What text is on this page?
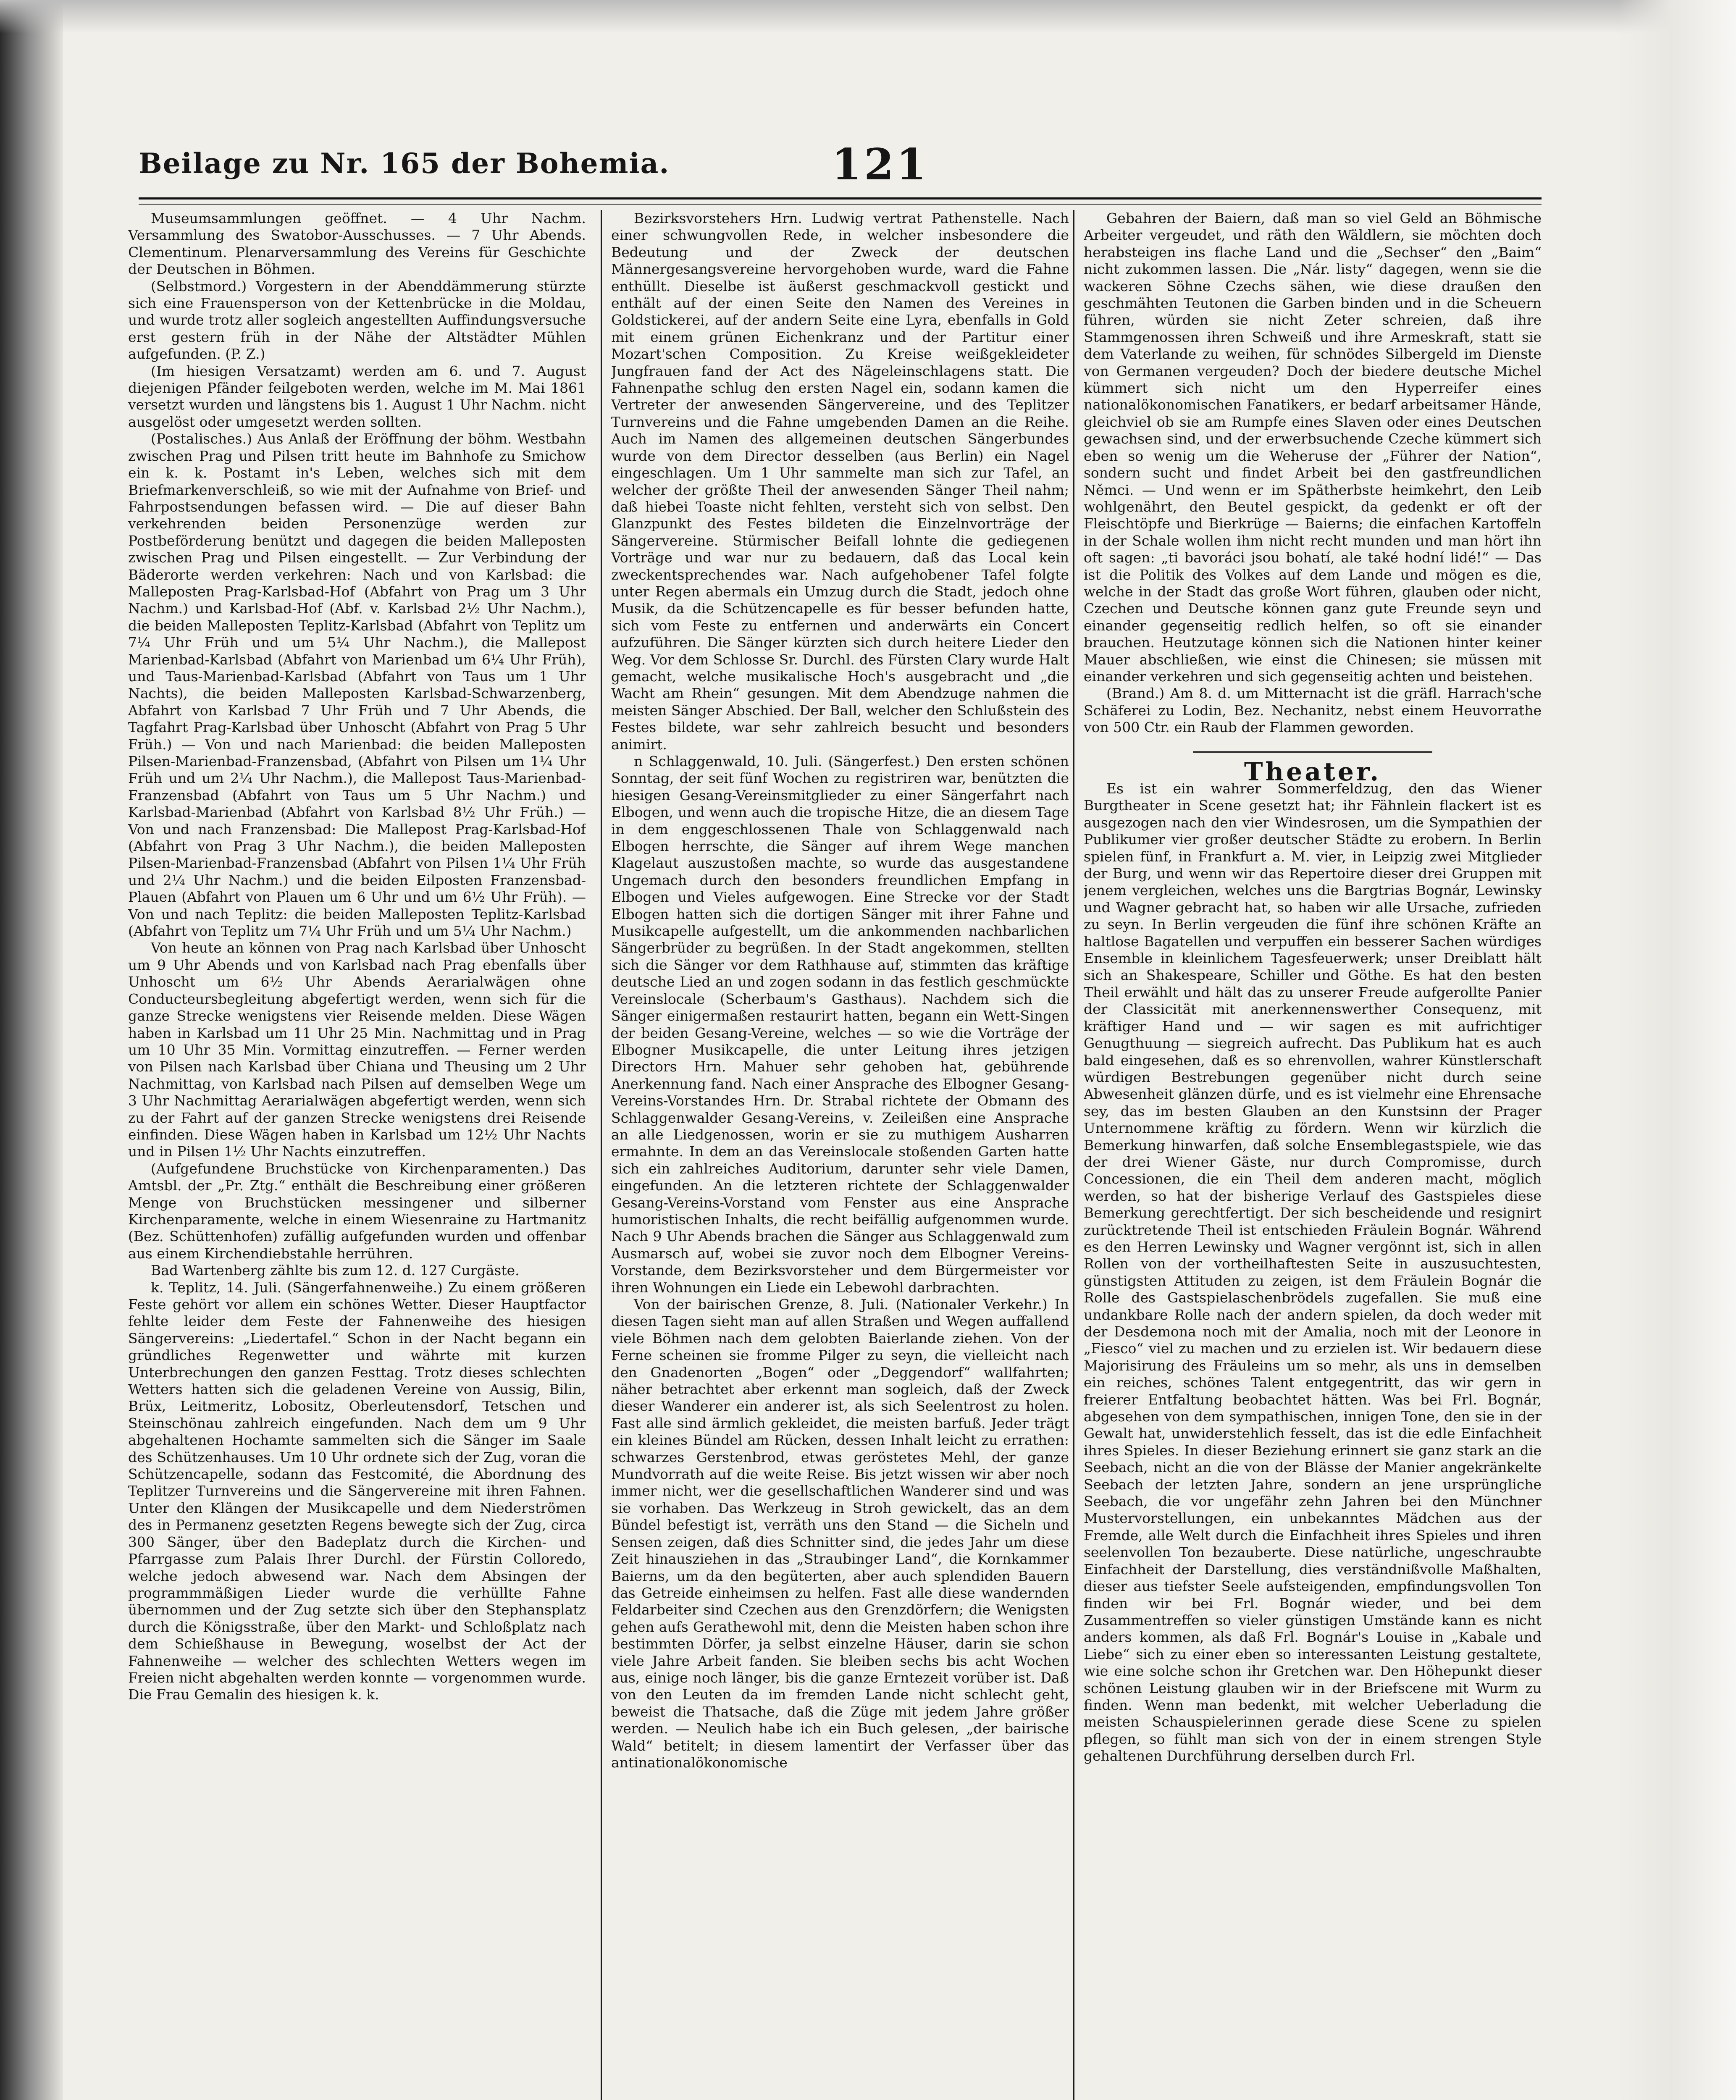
Beilage zu Nr. 165 der Bohemia.	121

Museumsammlungen geöffnet. — 4 Uhr Nachm. Versammlung des Swatobor-Ausschusses. — 7 Uhr Abends. Clementinum. Plenarversammlung des Vereins für Geschichte der Deutschen in Böhmen.

(Selbstmord.) Vorgestern in der Abenddämmerung stürzte sich eine Frauensperson von der Kettenbrücke in die Moldau, und wurde trotz aller sogleich angestellten Auffindungsversuche erst gestern früh in der Nähe der Altstädter Mühlen aufgefunden. (P. Z.)

(Im hiesigen Versatzamt) werden am 6. und 7. August diejenigen Pfänder feilgeboten werden, welche im M. Mai 1861 versetzt wurden und längstens bis 1. August 1 Uhr Nachm. nicht ausgelöst oder umgesetzt werden sollten.

(Postalisches.) Aus Anlaß der Eröffnung der böhm. Westbahn zwischen Prag und Pilsen tritt heute im Bahnhofe zu Smichow ein k. k. Postamt in's Leben, welches sich mit dem Briefmarkenverschleiß, so wie mit der Aufnahme von Brief- und Fahrpostsendungen befassen wird. — Die auf dieser Bahn verkehrenden beiden Personenzüge werden zur Postbeförderung benützt und dagegen die beiden Malleposten zwischen Prag und Pilsen eingestellt. — Zur Verbindung der Bäderorte werden verkehren: Nach und von Karlsbad: die Malleposten Prag-Karlsbad-Hof (Abfahrt von Prag um 3 Uhr Nachm.) und Karlsbad-Hof (Abf. v. Karlsbad 2½ Uhr Nachm.), die beiden Malleposten Teplitz-Karlsbad (Abfahrt von Teplitz um 7¼ Uhr Früh und um 5¼ Uhr Nachm.), die Mallepost Marienbad-Karlsbad (Abfahrt von Marienbad um 6¼ Uhr Früh), und Taus-Marienbad-Karlsbad (Abfahrt von Taus um 1 Uhr Nachts), die beiden Malleposten Karlsbad-Schwarzenberg, Abfahrt von Karlsbad 7 Uhr Früh und 7 Uhr Abends, die Tagfahrt Prag-Karlsbad über Unhoscht (Abfahrt von Prag 5 Uhr Früh.) — Von und nach Marienbad: die beiden Malleposten Pilsen-Marienbad-Franzensbad, (Abfahrt von Pilsen um 1¼ Uhr Früh und um 2¼ Uhr Nachm.), die Mallepost Taus-Marienbad-Franzensbad (Abfahrt von Taus um 5 Uhr Nachm.) und Karlsbad-Marienbad (Abfahrt von Karlsbad 8½ Uhr Früh.) — Von und nach Franzensbad: Die Mallepost Prag-Karlsbad-Hof (Abfahrt von Prag 3 Uhr Nachm.), die beiden Malleposten Pilsen-Marienbad-Franzensbad (Abfahrt von Pilsen 1¼ Uhr Früh und 2¼ Uhr Nachm.) und die beiden Eilposten Franzensbad-Plauen (Abfahrt von Plauen um 6 Uhr und um 6½ Uhr Früh). — Von und nach Teplitz: die beiden Malleposten Teplitz-Karlsbad (Abfahrt von Teplitz um 7¼ Uhr Früh und um 5¼ Uhr Nachm.)

Von heute an können von Prag nach Karlsbad über Unhoscht um 9 Uhr Abends und von Karlsbad nach Prag ebenfalls über Unhoscht um 6½ Uhr Abends Aerarialwägen ohne Conducteursbegleitung abgefertigt werden, wenn sich für die ganze Strecke wenigstens vier Reisende melden. Diese Wägen haben in Karlsbad um 11 Uhr 25 Min. Nachmittag und in Prag um 10 Uhr 35 Min. Vormittag einzutreffen. — Ferner werden von Pilsen nach Karlsbad über Chiana und Theusing um 2 Uhr Nachmittag, von Karlsbad nach Pilsen auf demselben Wege um 3 Uhr Nachmittag Aerarialwägen abgefertigt werden, wenn sich zu der Fahrt auf der ganzen Strecke wenigstens drei Reisende einfinden. Diese Wägen haben in Karlsbad um 12½ Uhr Nachts und in Pilsen 1½ Uhr Nachts einzutreffen.

(Aufgefundene Bruchstücke von Kirchenparamenten.) Das Amtsbl. der „Pr. Ztg.“ enthält die Beschreibung einer größeren Menge von Bruchstücken messingener und silberner Kirchenparamente, welche in einem Wiesenraine zu Hartmanitz (Bez. Schüttenhofen) zufällig aufgefunden wurden und offenbar aus einem Kirchendiebstahle herrühren.

Bad Wartenberg zählte bis zum 12. d. 127 Curgäste.

k. Teplitz, 14. Juli. (Sängerfahnenweihe.) Zu einem größeren Feste gehört vor allem ein schönes Wetter. Dieser Hauptfactor fehlte leider dem Feste der Fahnenweihe des hiesigen Sängervereins: „Liedertafel.“ Schon in der Nacht begann ein gründliches Regenwetter und währte mit kurzen Unterbrechungen den ganzen Festtag. Trotz dieses schlechten Wetters hatten sich die geladenen Vereine von Aussig, Bilin, Brüx, Leitmeritz, Lobositz, Oberleutensdorf, Tetschen und Steinschönau zahlreich eingefunden. Nach dem um 9 Uhr abgehaltenen Hochamte sammelten sich die Sänger im Saale des Schützenhauses. Um 10 Uhr ordnete sich der Zug, voran die Schützencapelle, sodann das Festcomité, die Abordnung des Teplitzer Turnvereins und die Sängervereine mit ihren Fahnen. Unter den Klängen der Musikcapelle und dem Niederströmen des in Permanenz gesetzten Regens bewegte sich der Zug, circa 300 Sänger, über den Badeplatz durch die Kirchen- und Pfarrgasse zum Palais Ihrer Durchl. der Fürstin Colloredo, welche jedoch abwesend war. Nach dem Absingen der programmmäßigen Lieder wurde die verhüllte Fahne übernommen und der Zug setzte sich über den Stephansplatz durch die Königsstraße, über den Markt- und Schloßplatz nach dem Schießhause in Bewegung, woselbst der Act der Fahnenweihe — welcher des schlechten Wetters wegen im Freien nicht abgehalten werden konnte — vorgenommen wurde. Die Frau Gemalin des hiesigen k. k.

Bezirksvorstehers Hrn. Ludwig vertrat Pathenstelle. Nach einer schwungvollen Rede, in welcher insbesondere die Bedeutung und der Zweck der deutschen Männergesangsvereine hervorgehoben wurde, ward die Fahne enthüllt. Dieselbe ist äußerst geschmackvoll gestickt und enthält auf der einen Seite den Namen des Vereines in Goldstickerei, auf der andern Seite eine Lyra, ebenfalls in Gold mit einem grünen Eichenkranz und der Partitur einer Mozart'schen Composition. Zu Kreise weißgekleideter Jungfrauen fand der Act des Nägeleinschlagens statt. Die Fahnenpathe schlug den ersten Nagel ein, sodann kamen die Vertreter der anwesenden Sängervereine, und des Teplitzer Turnvereins und die Fahne umgebenden Damen an die Reihe. Auch im Namen des allgemeinen deutschen Sängerbundes wurde von dem Director desselben (aus Berlin) ein Nagel eingeschlagen. Um 1 Uhr sammelte man sich zur Tafel, an welcher der größte Theil der anwesenden Sänger Theil nahm; daß hiebei Toaste nicht fehlten, versteht sich von selbst. Den Glanzpunkt des Festes bildeten die Einzelnvorträge der Sängervereine. Stürmischer Beifall lohnte die gediegenen Vorträge und war nur zu bedauern, daß das Local kein zweckentsprechendes war. Nach aufgehobener Tafel folgte unter Regen abermals ein Umzug durch die Stadt, jedoch ohne Musik, da die Schützencapelle es für besser befunden hatte, sich vom Feste zu entfernen und anderwärts ein Concert aufzuführen. Die Sänger kürzten sich durch heitere Lieder den Weg. Vor dem Schlosse Sr. Durchl. des Fürsten Clary wurde Halt gemacht, welche musikalische Hoch's ausgebracht und „die Wacht am Rhein“ gesungen. Mit dem Abendzuge nahmen die meisten Sänger Abschied. Der Ball, welcher den Schlußstein des Festes bildete, war sehr zahlreich besucht und besonders animirt.

n Schlaggenwald, 10. Juli. (Sängerfest.) Den ersten schönen Sonntag, der seit fünf Wochen zu registriren war, benützten die hiesigen Gesang-Vereinsmitglieder zu einer Sängerfahrt nach Elbogen, und wenn auch die tropische Hitze, die an diesem Tage in dem enggeschlossenen Thale von Schlaggenwald nach Elbogen herrschte, die Sänger auf ihrem Wege manchen Klagelaut auszustoßen machte, so wurde das ausgestandene Ungemach durch den besonders freundlichen Empfang in Elbogen und Vieles aufgewogen. Eine Strecke vor der Stadt Elbogen hatten sich die dortigen Sänger mit ihrer Fahne und Musikcapelle aufgestellt, um die ankommenden nachbarlichen Sängerbrüder zu begrüßen. In der Stadt angekommen, stellten sich die Sänger vor dem Rathhause auf, stimmten das kräftige deutsche Lied an und zogen sodann in das festlich geschmückte Vereinslocale (Scherbaum's Gasthaus). Nachdem sich die Sänger einigermaßen restaurirt hatten, begann ein Wett-Singen der beiden Gesang-Vereine, welches — so wie die Vorträge der Elbogner Musikcapelle, die unter Leitung ihres jetzigen Directors Hrn. Mahuer sehr gehoben hat, gebührende Anerkennung fand. Nach einer Ansprache des Elbogner Gesang-Vereins-Vorstandes Hrn. Dr. Strabal richtete der Obmann des Schlaggenwalder Gesang-Vereins, v. Zeileißen eine Ansprache an alle Liedgenossen, worin er sie zu muthigem Ausharren ermahnte. In dem an das Vereinslocale stoßenden Garten hatte sich ein zahlreiches Auditorium, darunter sehr viele Damen, eingefunden. An die letzteren richtete der Schlaggenwalder Gesang-Vereins-Vorstand vom Fenster aus eine Ansprache humoristischen Inhalts, die recht beifällig aufgenommen wurde. Nach 9 Uhr Abends brachen die Sänger aus Schlaggenwald zum Ausmarsch auf, wobei sie zuvor noch dem Elbogner Vereins-Vorstande, dem Bezirksvorsteher und dem Bürgermeister vor ihren Wohnungen ein Liede ein Lebewohl darbrachten.

Von der bairischen Grenze, 8. Juli. (Nationaler Verkehr.) In diesen Tagen sieht man auf allen Straßen und Wegen auffallend viele Böhmen nach dem gelobten Baierlande ziehen. Von der Ferne scheinen sie fromme Pilger zu seyn, die vielleicht nach den Gnadenorten „Bogen“ oder „Deggendorf“ wallfahrten; näher betrachtet aber erkennt man sogleich, daß der Zweck dieser Wanderer ein anderer ist, als sich Seelentrost zu holen. Fast alle sind ärmlich gekleidet, die meisten barfuß. Jeder trägt ein kleines Bündel am Rücken, dessen Inhalt leicht zu errathen: schwarzes Gerstenbrod, etwas geröstetes Mehl, der ganze Mundvorrath auf die weite Reise. Bis jetzt wissen wir aber noch immer nicht, wer die gesellschaftlichen Wanderer sind und was sie vorhaben. Das Werkzeug in Stroh gewickelt, das an dem Bündel befestigt ist, verräth uns den Stand — die Sicheln und Sensen zeigen, daß dies Schnitter sind, die jedes Jahr um diese Zeit hinausziehen in das „Straubinger Land“, die Kornkammer Baierns, um da den begüterten, aber auch splendiden Bauern das Getreide einheimsen zu helfen. Fast alle diese wandernden Feldarbeiter sind Czechen aus den Grenzdörfern; die Wenigsten gehen aufs Gerathewohl mit, denn die Meisten haben schon ihre bestimmten Dörfer, ja selbst einzelne Häuser, darin sie schon viele Jahre Arbeit fanden. Sie bleiben sechs bis acht Wochen aus, einige noch länger, bis die ganze Erntezeit vorüber ist. Daß von den Leuten da im fremden Lande nicht schlecht geht, beweist die Thatsache, daß die Züge mit jedem Jahre größer werden. — Neulich habe ich ein Buch gelesen, „der bairische Wald“ betitelt; in diesem lamentirt der Verfasser über das antinationalökonomische

Gebahren der Baiern, daß man so viel Geld an Böhmische Arbeiter vergeudet, und räth den Wäldlern, sie möchten doch herabsteigen ins flache Land und die „Sechser“ den „Baim“ nicht zukommen lassen. Die „Nár. listy“ dagegen, wenn sie die wackeren Söhne Czechs sähen, wie diese draußen den geschmähten Teutonen die Garben binden und in die Scheuern führen, würden sie nicht Zeter schreien, daß ihre Stammgenossen ihren Schweiß und ihre Armeskraft, statt sie dem Vaterlande zu weihen, für schnödes Silbergeld im Dienste von Germanen vergeuden? Doch der biedere deutsche Michel kümmert sich nicht um den Hyperreifer eines nationalökonomischen Fanatikers, er bedarf arbeitsamer Hände, gleichviel ob sie am Rumpfe eines Slaven oder eines Deutschen gewachsen sind, und der erwerbsuchende Czeche kümmert sich eben so wenig um die Weheruse der „Führer der Nation“, sondern sucht und findet Arbeit bei den gastfreundlichen Němci. — Und wenn er im Spätherbste heimkehrt, den Leib wohlgenährt, den Beutel gespickt, da gedenkt er oft der Fleischtöpfe und Bierkrüge — Baierns; die einfachen Kartoffeln in der Schale wollen ihm nicht recht munden und man hört ihn oft sagen: „ti bavoráci jsou bohatí, ale také hodní lidé!“ — Das ist die Politik des Volkes auf dem Lande und mögen es die, welche in der Stadt das große Wort führen, glauben oder nicht, Czechen und Deutsche können ganz gute Freunde seyn und einander gegenseitig redlich helfen, so oft sie einander brauchen. Heutzutage können sich die Nationen hinter keiner Mauer abschließen, wie einst die Chinesen; sie müssen mit einander verkehren und sich gegenseitig achten und beistehen.

(Brand.) Am 8. d. um Mitternacht ist die gräfl. Harrach'sche Schäferei zu Lodin, Bez. Nechanitz, nebst einem Heuvorrathe von 500 Ctr. ein Raub der Flammen geworden.

Theater.

Es ist ein wahrer Sommerfeldzug, den das Wiener Burgtheater in Scene gesetzt hat; ihr Fähnlein flackert ist es ausgezogen nach den vier Windesrosen, um die Sympathien der Publikumer vier großer deutscher Städte zu erobern. In Berlin spielen fünf, in Frankfurt a. M. vier, in Leipzig zwei Mitglieder der Burg, und wenn wir das Repertoire dieser drei Gruppen mit jenem vergleichen, welches uns die Bargtrias Bognár, Lewinsky und Wagner gebracht hat, so haben wir alle Ursache, zufrieden zu seyn. In Berlin vergeuden die fünf ihre schönen Kräfte an haltlose Bagatellen und verpuffen ein besserer Sachen würdiges Ensemble in kleinlichem Tagesfeuerwerk; unser Dreiblatt hält sich an Shakespeare, Schiller und Göthe. Es hat den besten Theil erwählt und hält das zu unserer Freude aufgerollte Panier der Classicität mit anerkennenswerther Consequenz, mit kräftiger Hand und — wir sagen es mit aufrichtiger Genugthuung — siegreich aufrecht. Das Publikum hat es auch bald eingesehen, daß es so ehrenvollen, wahrer Künstlerschaft würdigen Bestrebungen gegenüber nicht durch seine Abwesenheit glänzen dürfe, und es ist vielmehr eine Ehrensache sey, das im besten Glauben an den Kunstsinn der Prager Unternommene kräftig zu fördern. Wenn wir kürzlich die Bemerkung hinwarfen, daß solche Ensemblegastspiele, wie das der drei Wiener Gäste, nur durch Compromisse, durch Concessionen, die ein Theil dem anderen macht, möglich werden, so hat der bisherige Verlauf des Gastspieles diese Bemerkung gerechtfertigt. Der sich bescheidende und resignirt zurücktretende Theil ist entschieden Fräulein Bognár. Während es den Herren Lewinsky und Wagner vergönnt ist, sich in allen Rollen von der vortheilhaftesten Seite in auszusuchtesten, günstigsten Attituden zu zeigen, ist dem Fräulein Bognár die Rolle des Gastspielaschenbrödels zugefallen. Sie muß eine undankbare Rolle nach der andern spielen, da doch weder mit der Desdemona noch mit der Amalia, noch mit der Leonore in „Fiesco“ viel zu machen und zu erzielen ist. Wir bedauern diese Majorisirung des Fräuleins um so mehr, als uns in demselben ein reiches, schönes Talent entgegentritt, das wir gern in freierer Entfaltung beobachtet hätten. Was bei Frl. Bognár, abgesehen von dem sympathischen, innigen Tone, den sie in der Gewalt hat, unwiderstehlich fesselt, das ist die edle Einfachheit ihres Spieles. In dieser Beziehung erinnert sie ganz stark an die Seebach, nicht an die von der Blässe der Manier angekränkelte Seebach der letzten Jahre, sondern an jene ursprüngliche Seebach, die vor ungefähr zehn Jahren bei den Münchner Mustervorstellungen, ein unbekanntes Mädchen aus der Fremde, alle Welt durch die Einfachheit ihres Spieles und ihren seelenvollen Ton bezauberte. Diese natürliche, ungeschraubte Einfachheit der Darstellung, dies verständnißvolle Maßhalten, dieser aus tiefster Seele aufsteigenden, empfindungsvollen Ton finden wir bei Frl. Bognár wieder, und bei dem Zusammentreffen so vieler günstigen Umstände kann es nicht anders kommen, als daß Frl. Bognár's Louise in „Kabale und Liebe“ sich zu einer eben so interessanten Leistung gestaltete, wie eine solche schon ihr Gretchen war. Den Höhepunkt dieser schönen Leistung glauben wir in der Briefscene mit Wurm zu finden. Wenn man bedenkt, mit welcher Ueberladung die meisten Schauspielerinnen gerade diese Scene zu spielen pflegen, so fühlt man sich von der in einem strengen Style gehaltenen Durchführung derselben durch Frl.
